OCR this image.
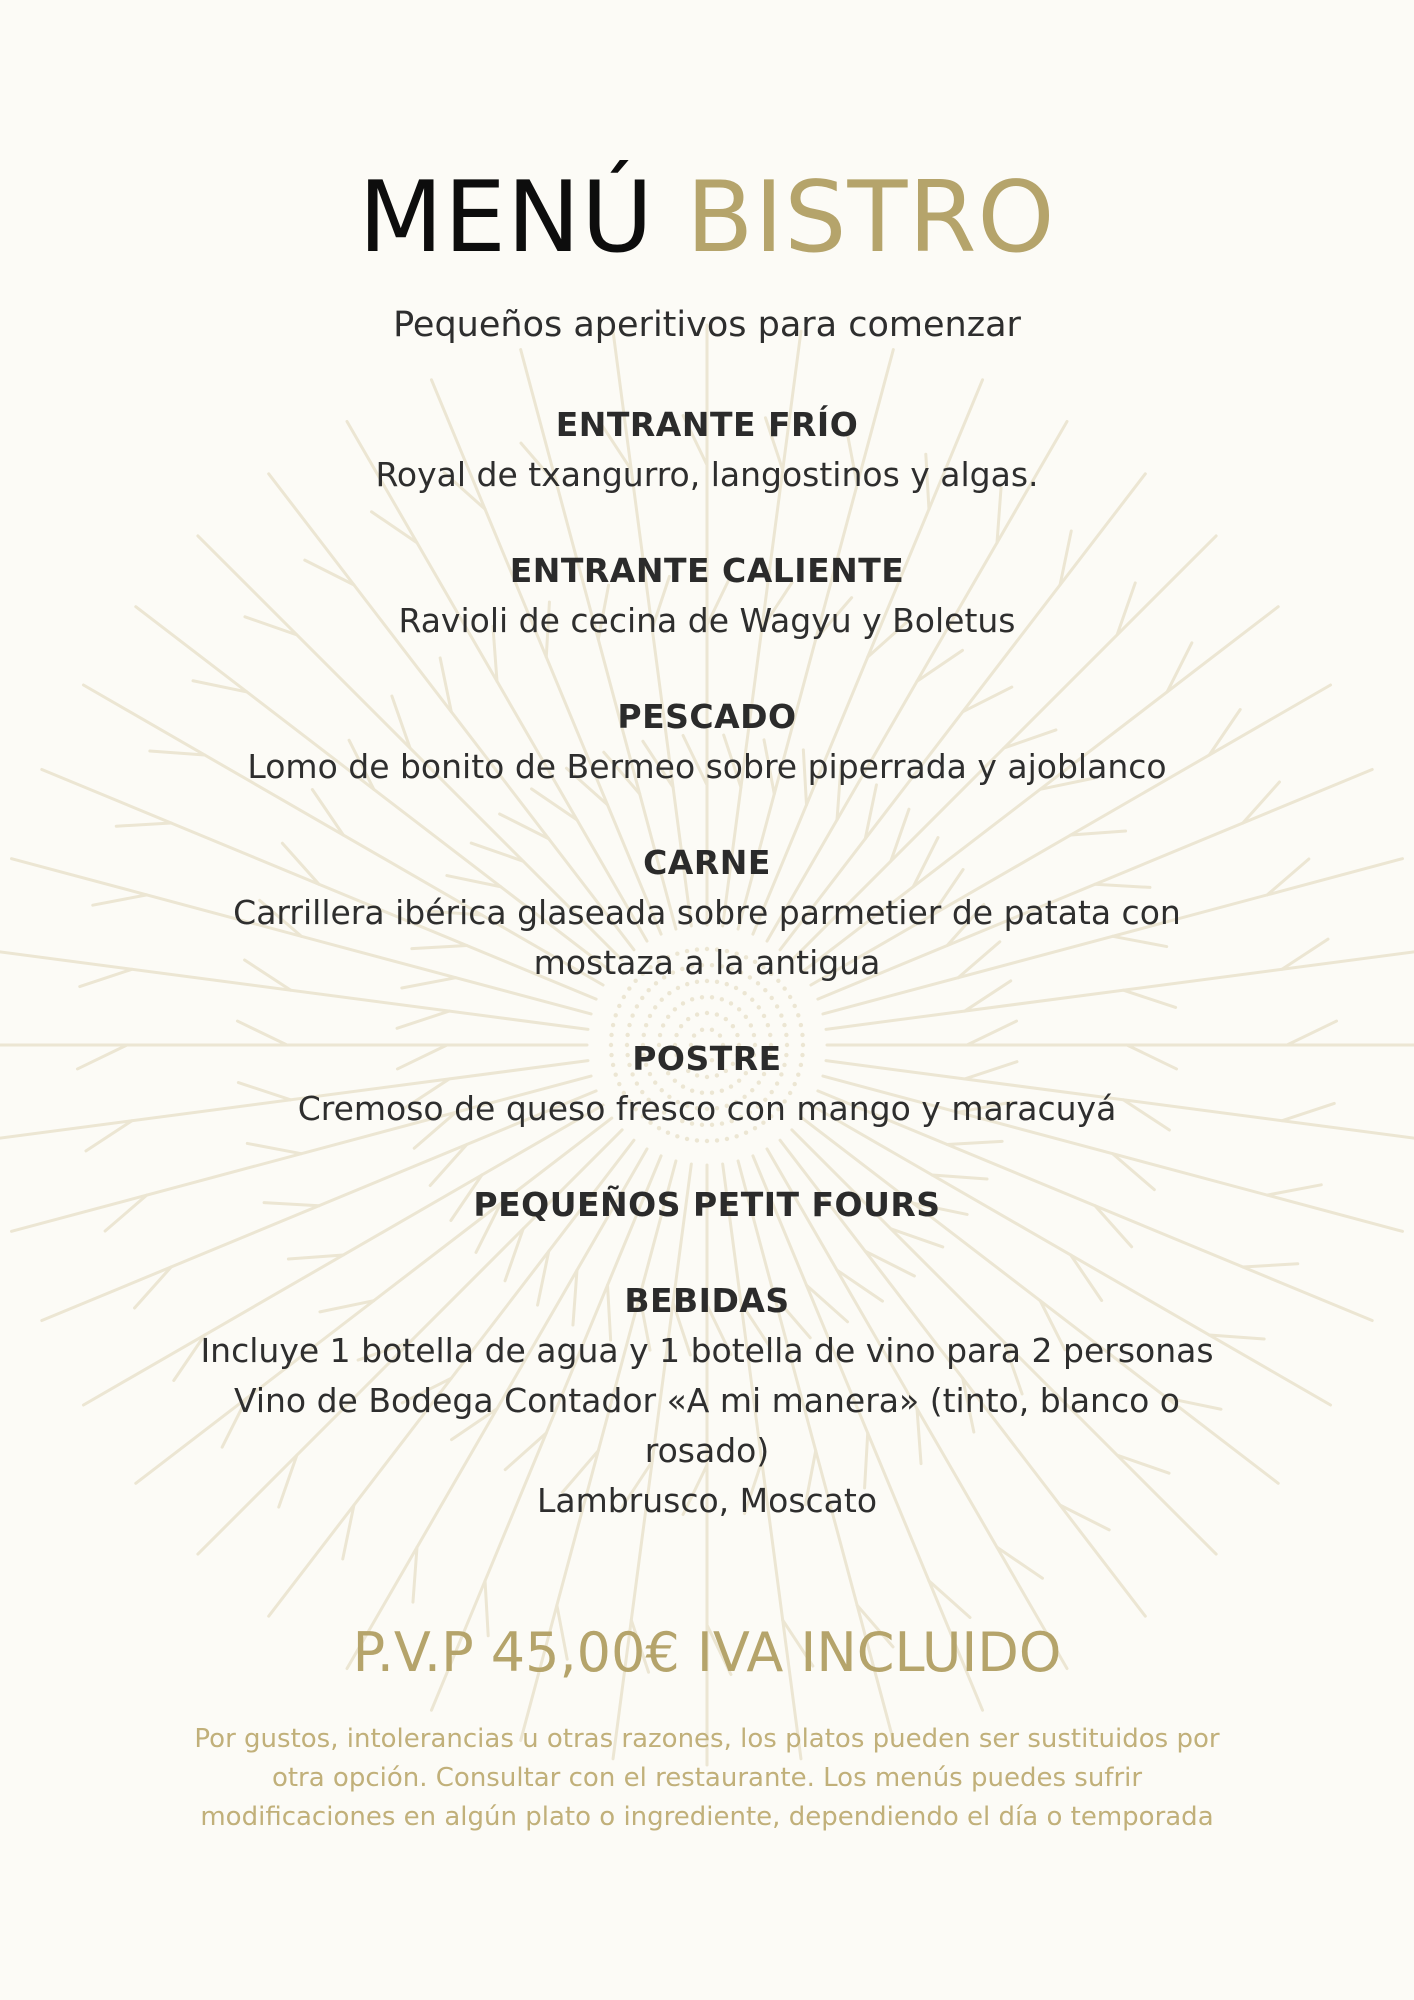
MENÚ BISTRO
Pequeños aperitivos para comenzar
ENTRANTE FRÍO
Royal de txangurro, langostinos y algas.
ENTRANTE CALIENTE
Ravioli de cecina de Wagyu y Boletus
PESCADO
Lomo de bonito de Bermeo sobre piperrada y ajoblanco
CARNE
Carrillera ibérica glaseada sobre parmetier de patata con
mostaza a la antigua
POSTRE
Cremoso de queso fresco con mango y maracuyá
PEQUEÑOS PETIT FOURS
BEBIDAS
Incluye 1 botella de agua y 1 botella de vino para 2 personas
Vino de Bodega Contador «A mi manera» (tinto, blanco o
rosado)
Lambrusco, Moscato
P.V.P 45,00€ IVA INCLUIDO
Por gustos, intolerancias u otras razones, los platos pueden ser sustituidos por
otra opción. Consultar con el restaurante. Los menús puedes sufrir
modificaciones en algún plato o ingrediente, dependiendo el día o temporada
